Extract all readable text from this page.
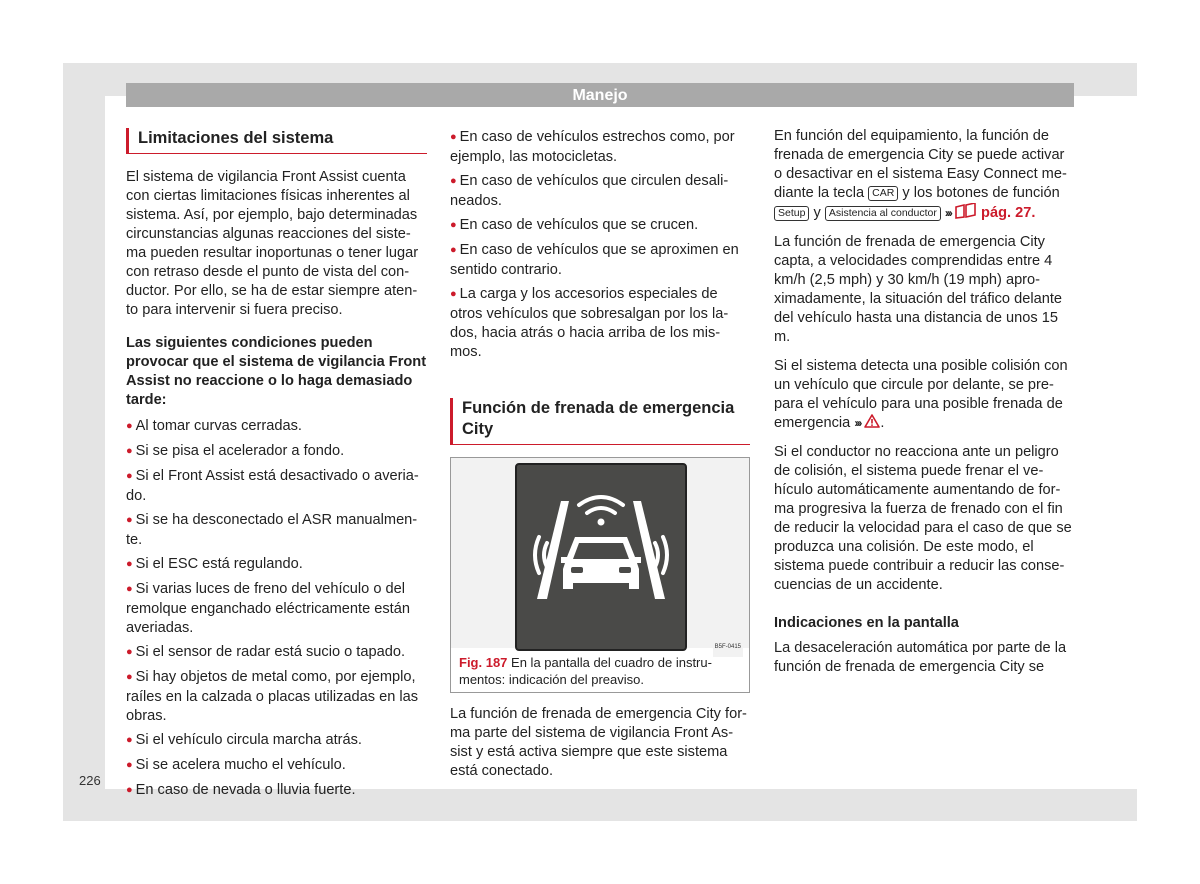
Manejo
Limitaciones del sistema

El sistema de vigilancia Front Assist cuenta con ciertas limitaciones físicas inherentes al sistema. Así, por ejemplo, bajo determinadas circunstancias algunas reacciones del siste-ma pueden resultar inoportunas o tener lugar con retraso desde el punto de vista del con-ductor. Por ello, se ha de estar siempre aten-to para intervenir si fuera preciso.

Las siguientes condiciones pueden provocar que el sistema de vigilancia Front Assist no reaccione o lo haga demasiado tarde:

● Al tomar curvas cerradas.
● Si se pisa el acelerador a fondo.
● Si el Front Assist está desactivado o averia-do.
● Si se ha desconectado el ASR manualmen-te.
● Si el ESC está regulando.
● Si varias luces de freno del vehículo o del remolque enganchado eléctricamente están averiadas.
● Si el sensor de radar está sucio o tapado.
● Si hay objetos de metal como, por ejemplo, raíles en la calzada o placas utilizadas en las obras.
● Si el vehículo circula marcha atrás.
● Si se acelera mucho el vehículo.
● En caso de nevada o lluvia fuerte.
● En caso de vehículos estrechos como, por ejemplo, las motocicletas.
● En caso de vehículos que circulen desali-neados.
● En caso de vehículos que se crucen.
● En caso de vehículos que se aproximen en sentido contrario.
● La carga y los accesorios especiales de otros vehículos que sobresalgan por los la-dos, hacia atrás o hacia arriba de los mis-mos.
Función de frenada de emergencia City
B5F-0415
Fig. 187 En la pantalla del cuadro de instru-mentos: indicación del preaviso.

La función de frenada de emergencia City for-ma parte del sistema de vigilancia Front As-sist y está activa siempre que este sistema está conectado.

En función del equipamiento, la función de frenada de emergencia City se puede activar o desactivar en el sistema Easy Connect me-diante la tecla CAR y los botones de función Setup y Asistencia al conductor ››› pág. 27.

La función de frenada de emergencia City capta, a velocidades comprendidas entre 4 km/h (2,5 mph) y 30 km/h (19 mph) apro-ximadamente, la situación del tráfico delante del vehículo hasta una distancia de unos 15 m.

Si el sistema detecta una posible colisión con un vehículo que circule por delante, se pre-para el vehículo para una posible frenada de emergencia ››› .

Si el conductor no reacciona ante un peligro de colisión, el sistema puede frenar el ve-hículo automáticamente aumentando de for-ma progresiva la fuerza de frenado con el fin de reducir la velocidad para el caso de que se produzca una colisión. De este modo, el sistema puede contribuir a reducir las conse-cuencias de un accidente.

Indicaciones en la pantalla

La desaceleración automática por parte de la función de frenada de emergencia City se

226
